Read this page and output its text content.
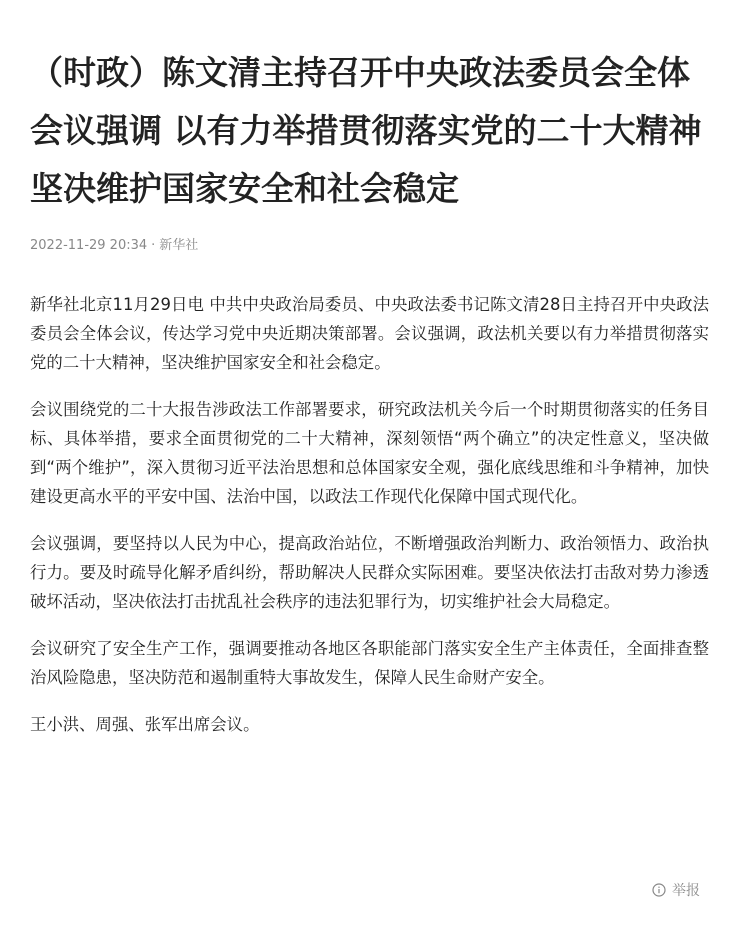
（时政）陈文清主持召开中央政法委员会全体会议强调 以有力举措贯彻落实党的二十大精神 坚决维护国家安全和社会稳定
2022-11-29 20:34 · 新华社

新华社北京11月29日电 中共中央政治局委员、中央政法委书记陈文清28日主持召开中央政法委员会全体会议，传达学习党中央近期决策部署。会议强调，政法机关要以有力举措贯彻落实党的二十大精神，坚决维护国家安全和社会稳定。

会议围绕党的二十大报告涉政法工作部署要求，研究政法机关今后一个时期贯彻落实的任务目标、具体举措，要求全面贯彻党的二十大精神，深刻领悟“两个确立”的决定性意义，坚决做到“两个维护”，深入贯彻习近平法治思想和总体国家安全观，强化底线思维和斗争精神，加快建设更高水平的平安中国、法治中国，以政法工作现代化保障中国式现代化。

会议强调，要坚持以人民为中心，提高政治站位，不断增强政治判断力、政治领悟力、政治执行力。要及时疏导化解矛盾纠纷，帮助解决人民群众实际困难。要坚决依法打击敌对势力渗透破坏活动，坚决依法打击扰乱社会秩序的违法犯罪行为，切实维护社会大局稳定。

会议研究了安全生产工作，强调要推动各地区各职能部门落实安全生产主体责任，全面排查整治风险隐患，坚决防范和遏制重特大事故发生，保障人民生命财产安全。

王小洪、周强、张军出席会议。

举报
